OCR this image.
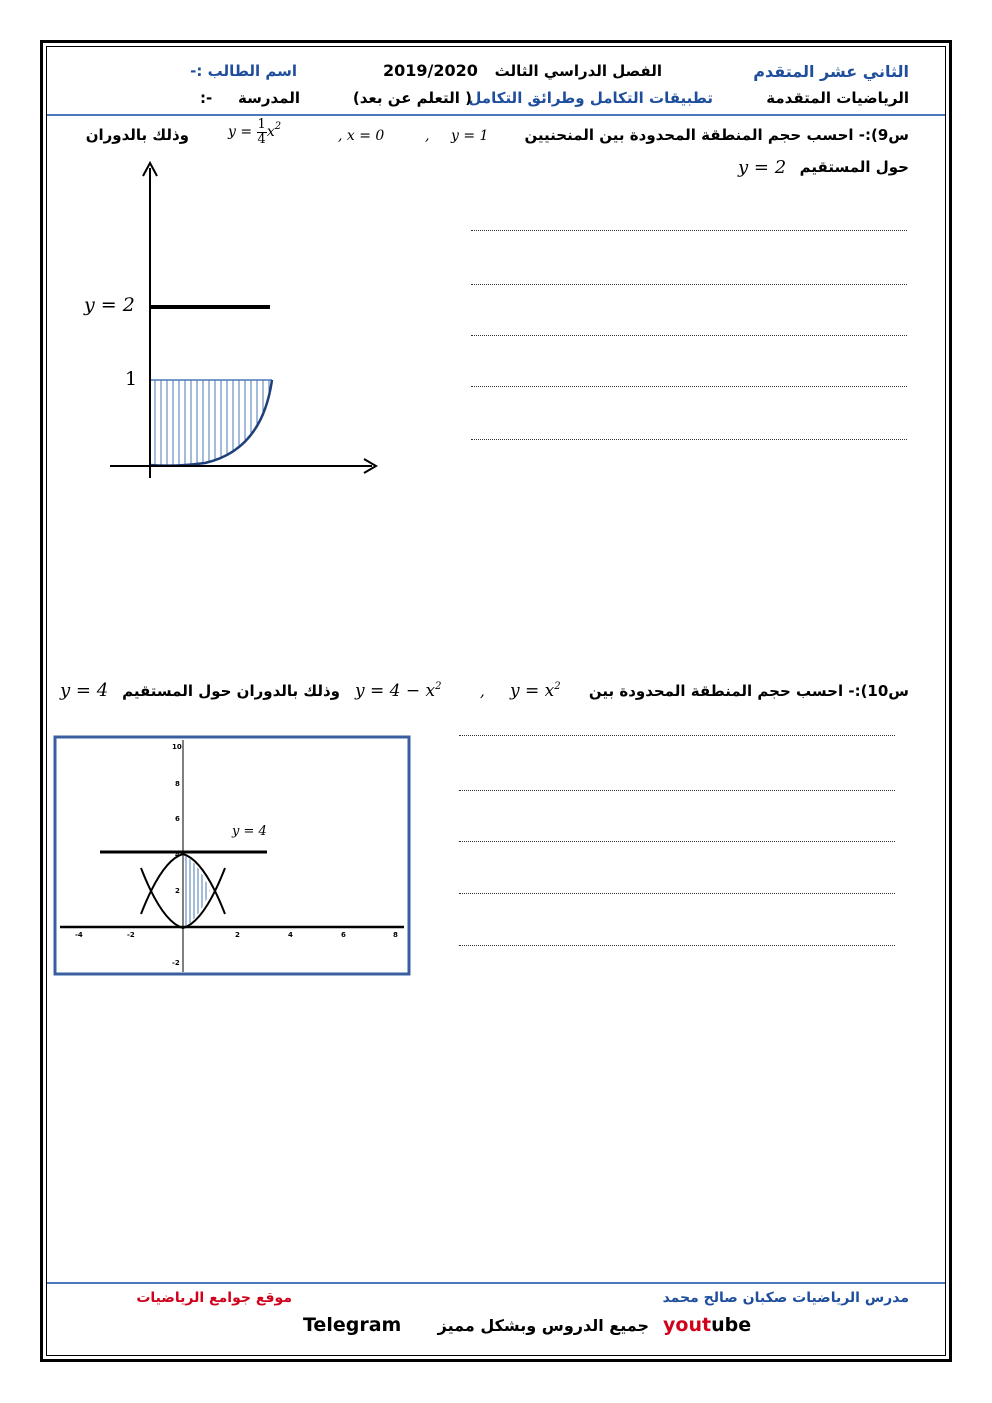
الثاني عشر المتقدم
الفصل الدراسي الثالث
2019/2020
اسم الطالب :-
الرياضيات المتقدمة
تطبيقات التكامل وطرائق التكامل
( التعلم عن بعد)
المدرسة
:-
س9):- احسب حجم المنطقة المحدودة بين المنحنيين
y = 1
,
, x = 0
$y = \frac{1}{4} x^2$
وذلك بالدوران
حول المستقيم
y = 2
y = 2
1
س10):- احسب حجم المنطقة المحدودة بين
$y = x^2$
,
$y = 4 - x^2$
وذلك بالدوران حول المستقيم
y = 4
y = 4
-4	-2	2	4	6	8
10
8
6
4
2
-2
مدرس الرياضيات صكبان صالح محمد
موقع جوامع الرياضيات
youtube
جميع الدروس وبشكل مميز
Telegram
